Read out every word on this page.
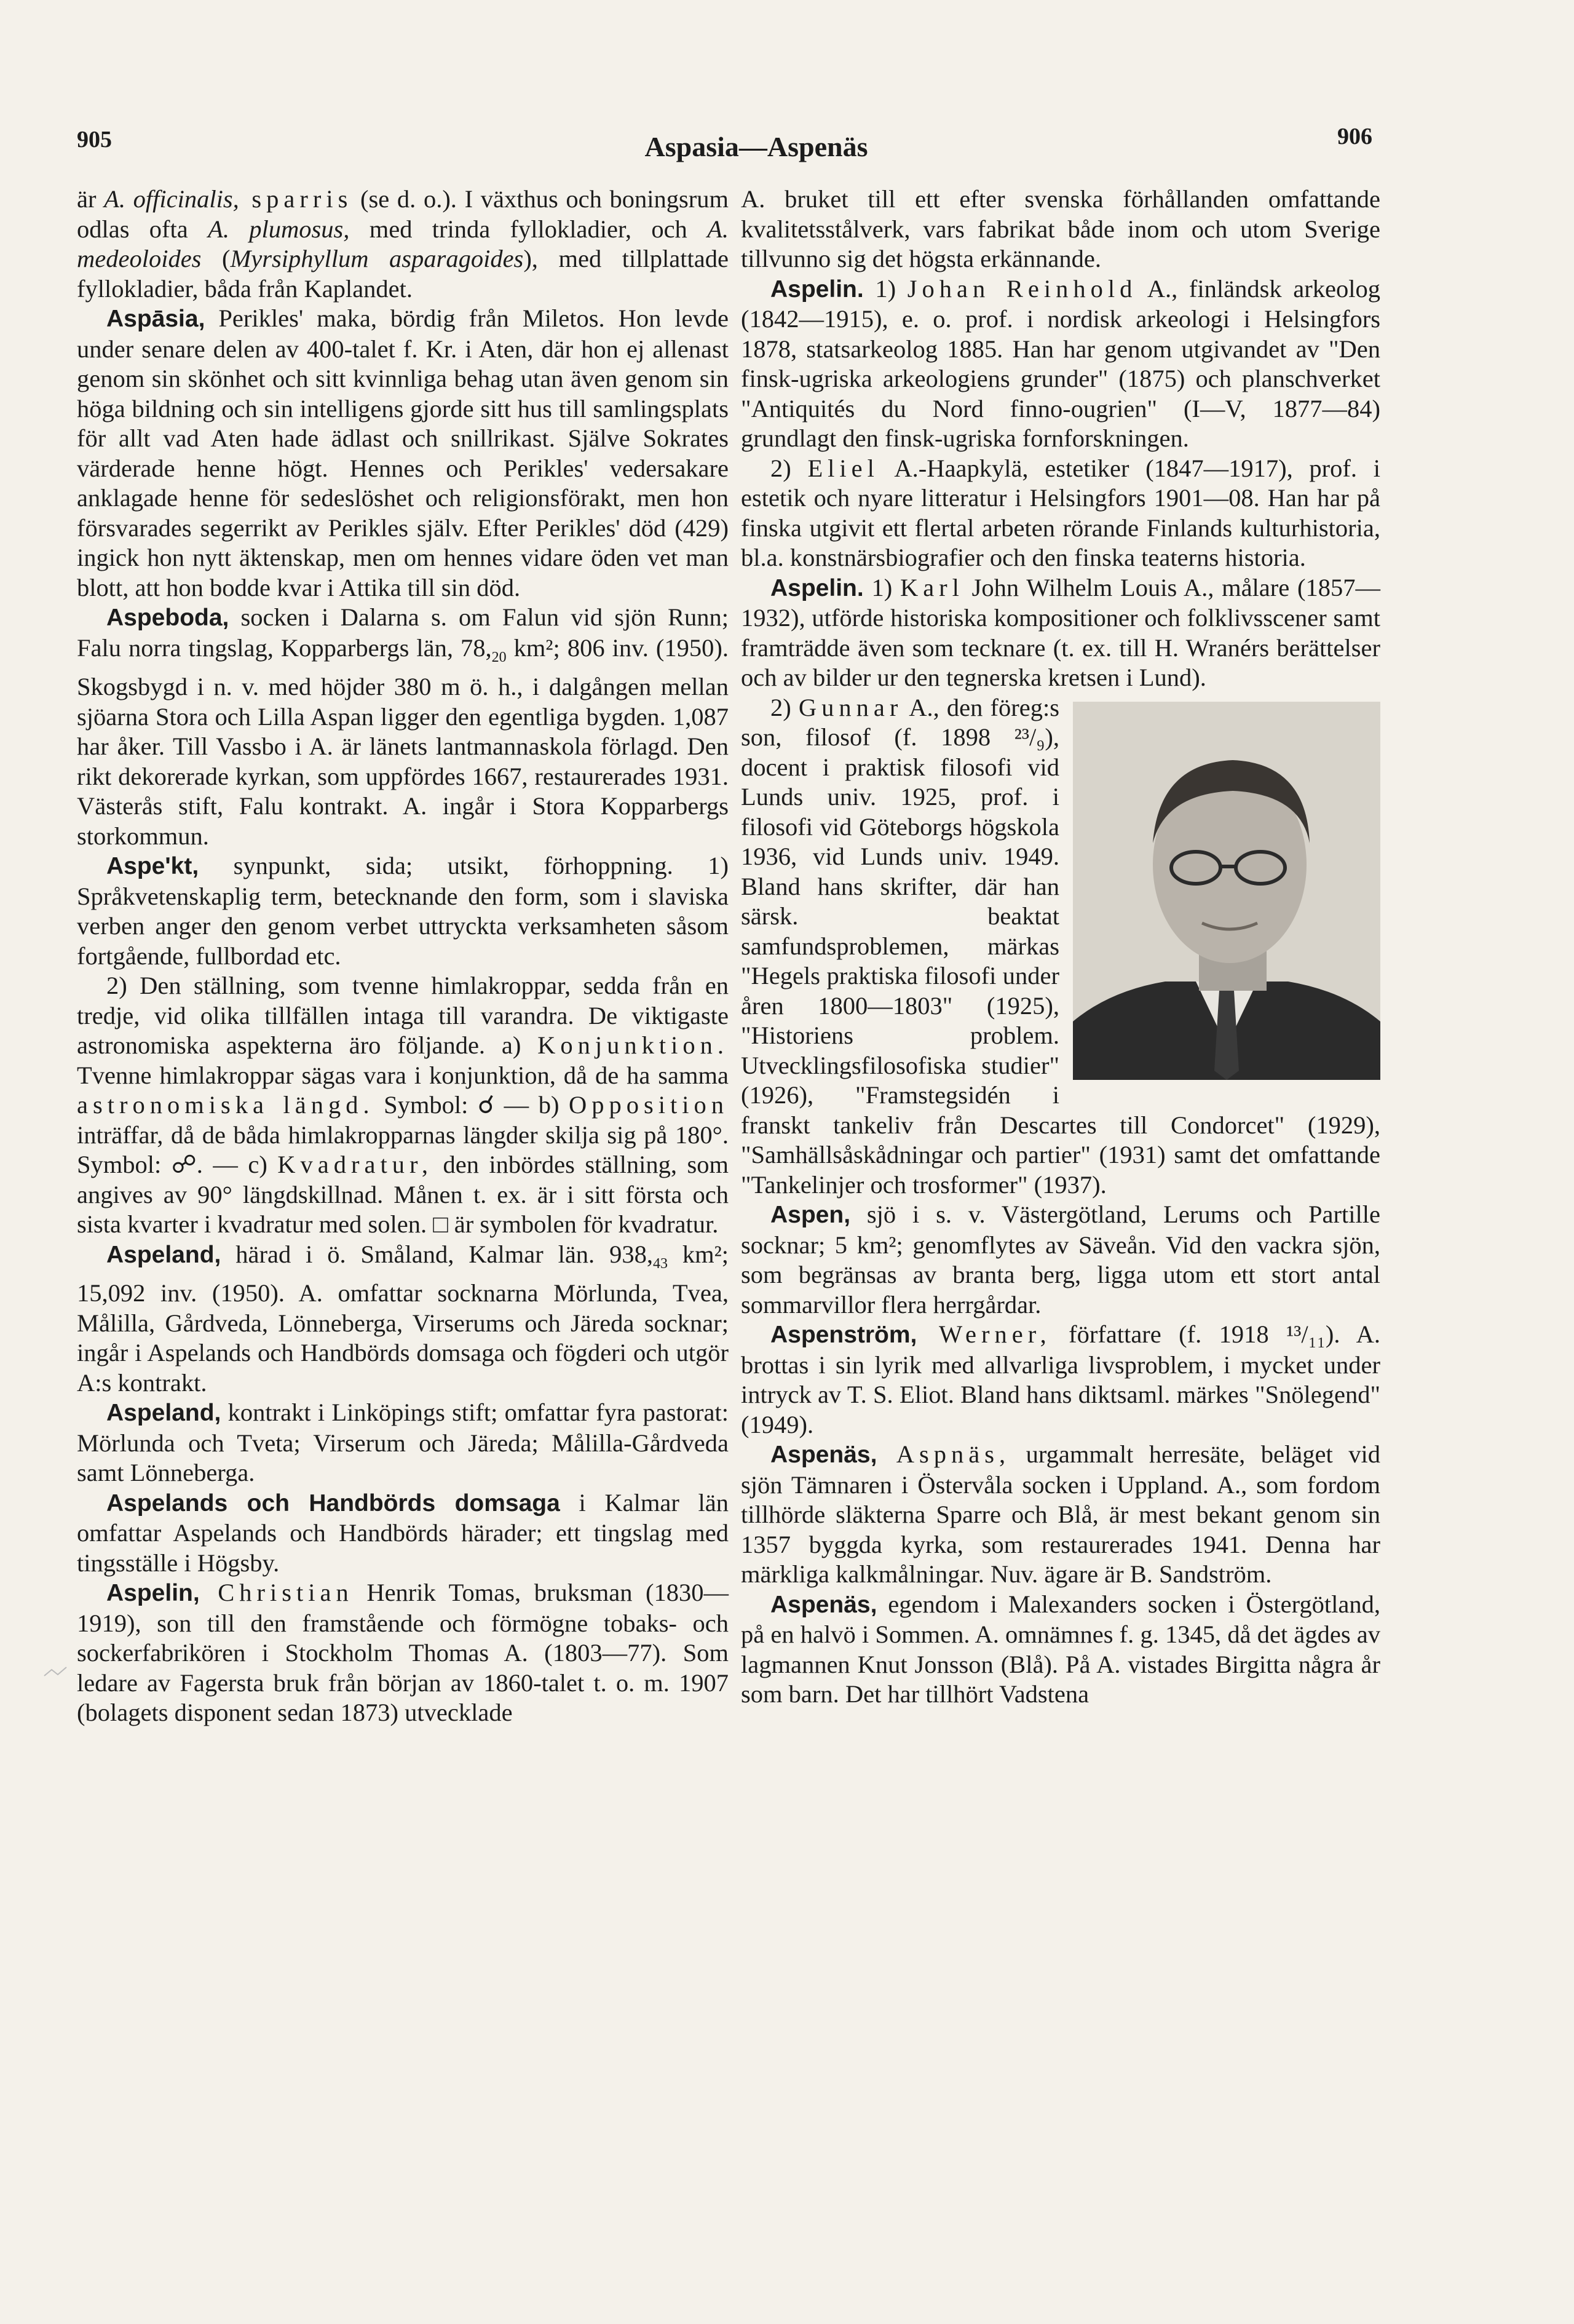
905	Aspasia—Aspenäs	906

är A. officinalis, sparris (se d. o.). I växthus och boningsrum odlas ofta A. plumosus, med trinda fyllokladier, och A. medeoloides (Myrsiphyllum asparagoides), med tillplattade fyllokladier, båda från Kaplandet.

Aspāsia, Perikles' maka, bördig från Miletos. Hon levde under senare delen av 400-talet f. Kr. i Aten, där hon ej allenast genom sin skönhet och sitt kvinnliga behag utan även genom sin höga bildning och sin intelligens gjorde sitt hus till samlingsplats för allt vad Aten hade ädlast och snillrikast. Själve Sokrates värderade henne högt. Hennes och Perikles' vedersakare anklagade henne för sedeslöshet och religionsförakt, men hon försvarades segerrikt av Perikles själv. Efter Perikles' död (429) ingick hon nytt äktenskap, men om hennes vidare öden vet man blott, att hon bodde kvar i Attika till sin död.

Aspeboda, socken i Dalarna s. om Falun vid sjön Runn; Falu norra tingslag, Kopparbergs län, $78,_{20}$ km²; 806 inv. (1950). Skogsbygd i n. v. med höjder 380 m ö. h., i dalgången mellan sjöarna Stora och Lilla Aspan ligger den egentliga bygden. 1,087 har åker. Till Vassbo i A. är länets lantmannaskola förlagd. Den rikt dekorerade kyrkan, som uppfördes 1667, restaurerades 1931. Västerås stift, Falu kontrakt. A. ingår i Stora Kopparbergs storkommun.

Aspe'kt, synpunkt, sida; utsikt, förhoppning. 1) Språkvetenskaplig term, betecknande den form, som i slaviska verben anger den genom verbet uttryckta verksamheten såsom fortgående, fullbordad etc.

2) Den ställning, som tvenne himlakroppar, sedda från en tredje, vid olika tillfällen intaga till varandra. De viktigaste astronomiska aspekterna äro följande. a) Konjunktion. Tvenne himlakroppar sägas vara i konjunktion, då de ha samma astronomiska längd. Symbol: ☌ — b) Opposition inträffar, då de båda himlakropparnas längder skilja sig på 180°. Symbol: ☍. — c) Kvadratur, den inbördes ställning, som angives av 90° längdskillnad. Månen t. ex. är i sitt första och sista kvarter i kvadratur med solen. □ är symbolen för kvadratur.

Aspeland, härad i ö. Småland, Kalmar län. $938,_{43}$ km²; 15,092 inv. (1950). A. omfattar socknarna Mörlunda, Tvea, Målilla, Gårdveda, Lönneberga, Virserums och Järeda socknar; ingår i Aspelands och Handbörds domsaga och fögderi och utgör A:s kontrakt.

Aspeland, kontrakt i Linköpings stift; omfattar fyra pastorat: Mörlunda och Tveta; Virserum och Järeda; Målilla-Gårdveda samt Lönneberga.

Aspelands och Handbörds domsaga i Kalmar län omfattar Aspelands och Handbörds härader; ett tingslag med tingsställe i Högsby.

Aspelin, Christian Henrik Tomas, bruksman (1830—1919), son till den framstående och förmögne tobaks- och sockerfabrikören i Stockholm Thomas A. (1803—77). Som ledare av Fagersta bruk från början av 1860-talet t. o. m. 1907 (bolagets disponent sedan 1873) utvecklade

A. bruket till ett efter svenska förhållanden omfattande kvalitetsstålverk, vars fabrikat både inom och utom Sverige tillvunno sig det högsta erkännande.

Aspelin. 1) Johan Reinhold A., finländsk arkeolog (1842—1915), e. o. prof. i nordisk arkeologi i Helsingfors 1878, statsarkeolog 1885. Han har genom utgivandet av "Den finsk-ugriska arkeologiens grunder" (1875) och planschverket "Antiquités du Nord finno-ougrien" (I—V, 1877—84) grundlagt den finsk-ugriska fornforskningen.

2) Eliel A.-Haapkylä, estetiker (1847—1917), prof. i estetik och nyare litteratur i Helsingfors 1901—08. Han har på finska utgivit ett flertal arbeten rörande Finlands kulturhistoria, bl.a. konstnärsbiografier och den finska teaterns historia.

Aspelin. 1) Karl John Wilhelm Louis A., målare (1857—1932), utförde historiska kompositioner och folklivsscener samt framträdde även som tecknare (t. ex. till H. Wranérs berättelser och av bilder ur den tegnerska kretsen i Lund).

2) Gunnar A., den föreg:s son, filosof (f. 1898 ²³/₉), docent i praktisk filosofi vid Lunds univ. 1925, prof. i filosofi vid Göteborgs högskola 1936, vid Lunds univ. 1949. Bland hans skrifter, där han särsk. beaktat samfundsproblemen, märkas "Hegels praktiska filosofi under åren 1800—1803" (1925), "Historiens problem. Utvecklingsfilosofiska studier" (1926), "Framstegsidén i franskt tankeliv från Descartes till Condorcet" (1929), "Samhällsåskådningar och partier" (1931) samt det omfattande "Tankelinjer och trosformer" (1937).

Aspen, sjö i s. v. Västergötland, Lerums och Partille socknar; 5 km²; genomflytes av Säveån. Vid den vackra sjön, som begränsas av branta berg, ligga utom ett stort antal sommarvillor flera herrgårdar.

Aspenström, Werner, författare (f. 1918 ¹³/₁₁). A. brottas i sin lyrik med allvarliga livsproblem, i mycket under intryck av T. S. Eliot. Bland hans diktsaml. märkes "Snölegend" (1949).

Aspenäs, Aspnäs, urgammalt herresäte, beläget vid sjön Tämnaren i Östervåla socken i Uppland. A., som fordom tillhörde släkterna Sparre och Blå, är mest bekant genom sin 1357 byggda kyrka, som restaurerades 1941. Denna har märkliga kalkmålningar. Nuv. ägare är B. Sandström.

Aspenäs, egendom i Malexanders socken i Östergötland, på en halvö i Sommen. A. omnämnes f. g. 1345, då det ägdes av lagmannen Knut Jonsson (Blå). På A. vistades Birgitta några år som barn. Det har tillhört Vadstena
